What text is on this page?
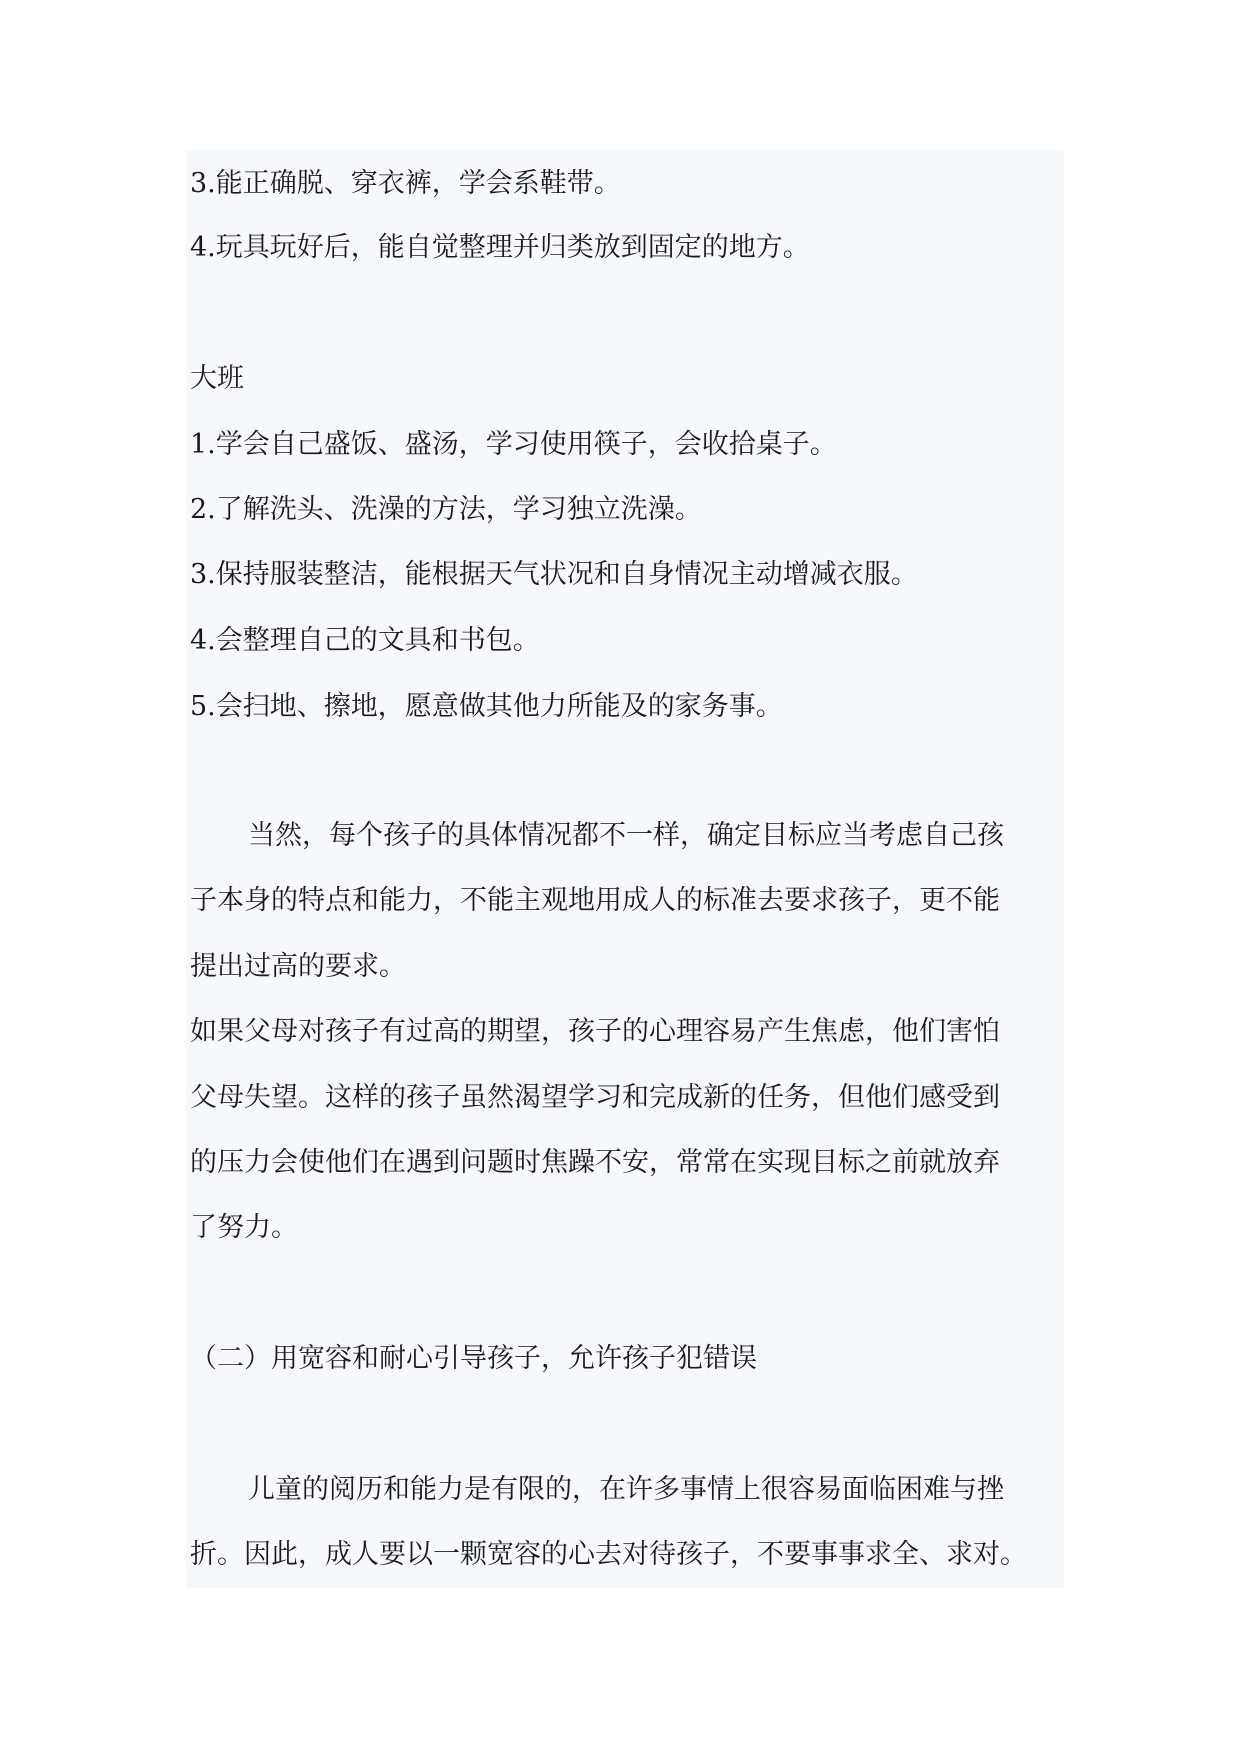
3.能正确脱、穿衣裤，学会系鞋带。

4.玩具玩好后，能自觉整理并归类放到固定的地方。

大班

1.学会自己盛饭、盛汤，学习使用筷子，会收拾桌子。

2.了解洗头、洗澡的方法，学习独立洗澡。

3.保持服装整洁，能根据天气状况和自身情况主动增减衣服。

4.会整理自己的文具和书包。

5.会扫地、擦地，愿意做其他力所能及的家务事。

当然，每个孩子的具体情况都不一样，确定目标应当考虑自己孩

子本身的特点和能力，不能主观地用成人的标准去要求孩子，更不能

提出过高的要求。

如果父母对孩子有过高的期望，孩子的心理容易产生焦虑，他们害怕

父母失望。这样的孩子虽然渴望学习和完成新的任务，但他们感受到

的压力会使他们在遇到问题时焦躁不安，常常在实现目标之前就放弃

了努力。

（二）用宽容和耐心引导孩子，允许孩子犯错误

儿童的阅历和能力是有限的，在许多事情上很容易面临困难与挫

折。因此，成人要以一颗宽容的心去对待孩子，不要事事求全、求对。
